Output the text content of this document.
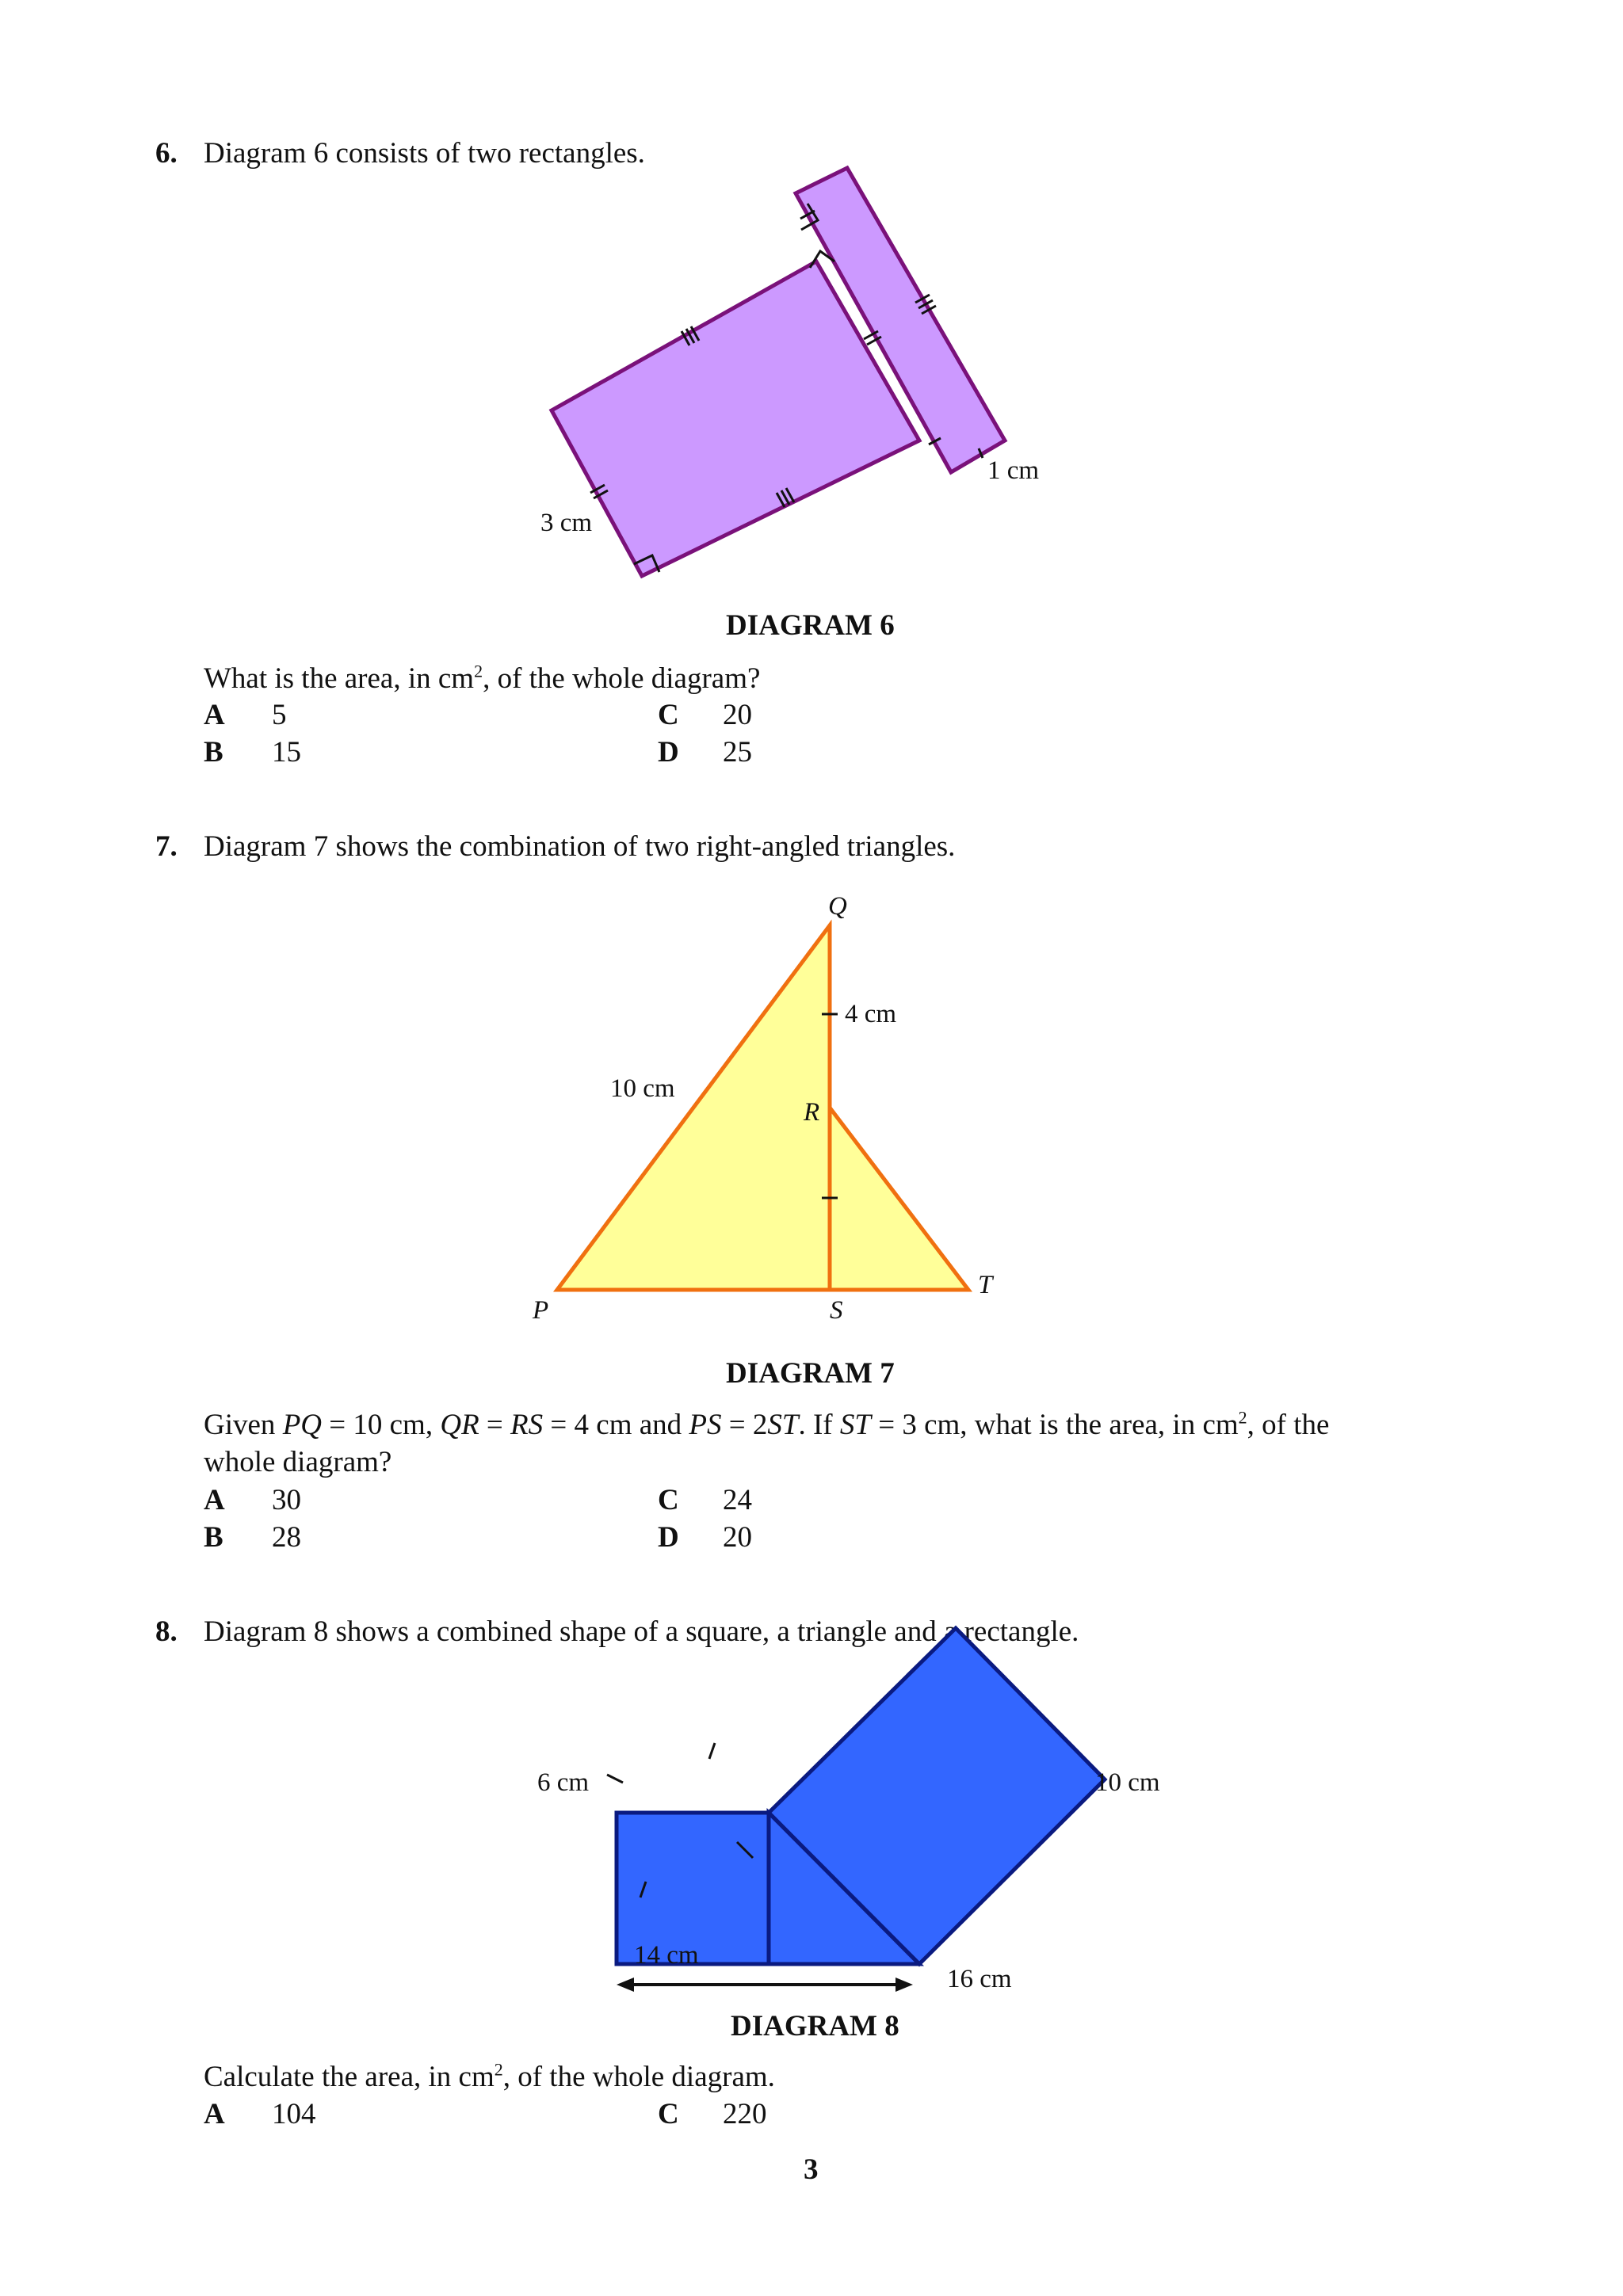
6. Diagram 6 consists of two rectangles.
3 cm
1 cm
DIAGRAM 6
What is the area, in $cm^2$, of the whole diagram?
A 5	C 20
B 15	D 25
7. Diagram 7 shows the combination of two right-angled triangles.
Q
4 cm
10 cm
R
P	S
T
DIAGRAM 7
Given PQ = 10 cm, QR = RS = 4 cm and PS = 2ST. If ST = 3 cm, what is the area, in $cm^2$, of the
whole diagram?
A 30	C 24
B 28	D 20
8. Diagram 8 shows a combined shape of a square, a triangle and a rectangle.
6 cm	10 cm
14 cm
16 cm
DIAGRAM 8
Calculate the area, in $cm^2$, of the whole diagram.
A 104	C 220
3
